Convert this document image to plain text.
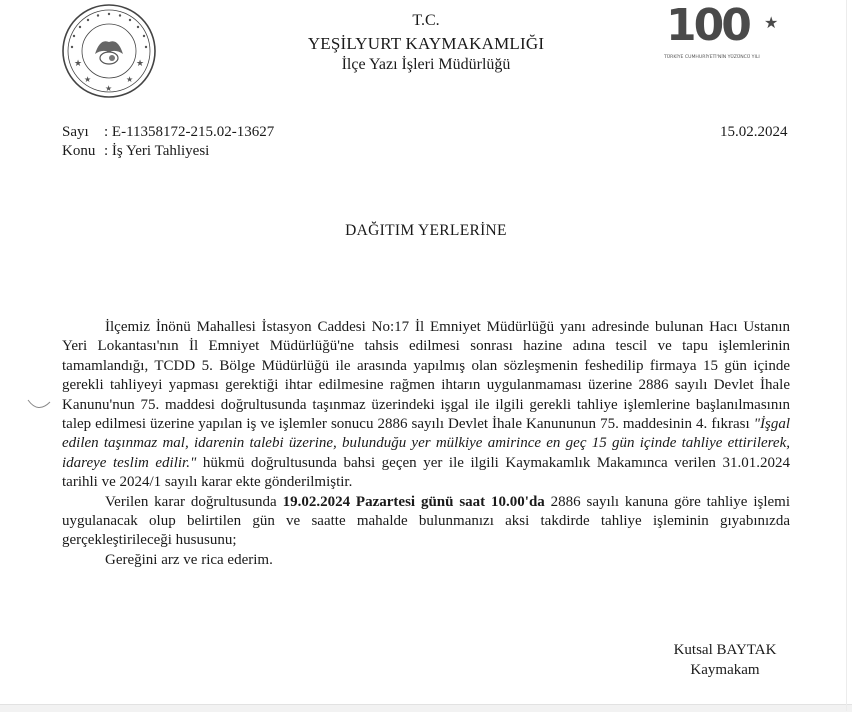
★	★
★	★
★
100 ★
TÜRKİYE CUMHURİYETİ'NİN YÜZÜNCÜ YILI
T.C.
YEŞİLYURT KAYMAKAMLIĞI
İlçe Yazı İşleri Müdürlüğü
Sayı : E-11358172-215.02-13627
Konu : İş Yeri Tahliyesi
15.02.2024
DAĞITIM YERLERİNE

İlçemiz İnönü Mahallesi İstasyon Caddesi No:17 İl Emniyet Müdürlüğü yanı adresinde bulunan Hacı Ustanın Yeri Lokantası'nın İl Emniyet Müdürlüğü'ne tahsis edilmesi sonrası hazine adına tescil ve tapu işlemlerinin tamamlandığı, TCDD 5. Bölge Müdürlüğü ile arasında yapılmış olan sözleşmenin feshedilip firmaya 15 gün içinde gerekli tahliyeyi yapması gerektiği ihtar edilmesine rağmen ihtarın uygulanmaması üzerine 2886 sayılı Devlet İhale Kanunu'nun 75. maddesi doğrultusunda taşınmaz üzerindeki işgal ile ilgili gerekli tahliye işlemlerine başlanılmasının talep edilmesi üzerine yapılan iş ve işlemler sonucu 2886 sayılı Devlet İhale Kanununun 75. maddesinin 4. fıkrası "İşgal edilen taşınmaz mal, idarenin talebi üzerine, bulunduğu yer mülkiye amirince en geç 15 gün içinde tahliye ettirilerek, idareye teslim edilir." hükmü doğrultusunda bahsi geçen yer ile ilgili Kaymakamlık Makamınca verilen 31.01.2024 tarihli ve 2024/1 sayılı karar ekte gönderilmiştir.

Verilen karar doğrultusunda 19.02.2024 Pazartesi günü saat 10.00'da 2886 sayılı kanuna göre tahliye işlemi uygulanacak olup belirtilen gün ve saatte mahalde bulunmanızı aksi takdirde tahliye işleminin gıyabınızda gerçekleştirileceği hususunu;

Gereğini arz ve rica ederim.

Kutsal BAYTAK
Kaymakam
